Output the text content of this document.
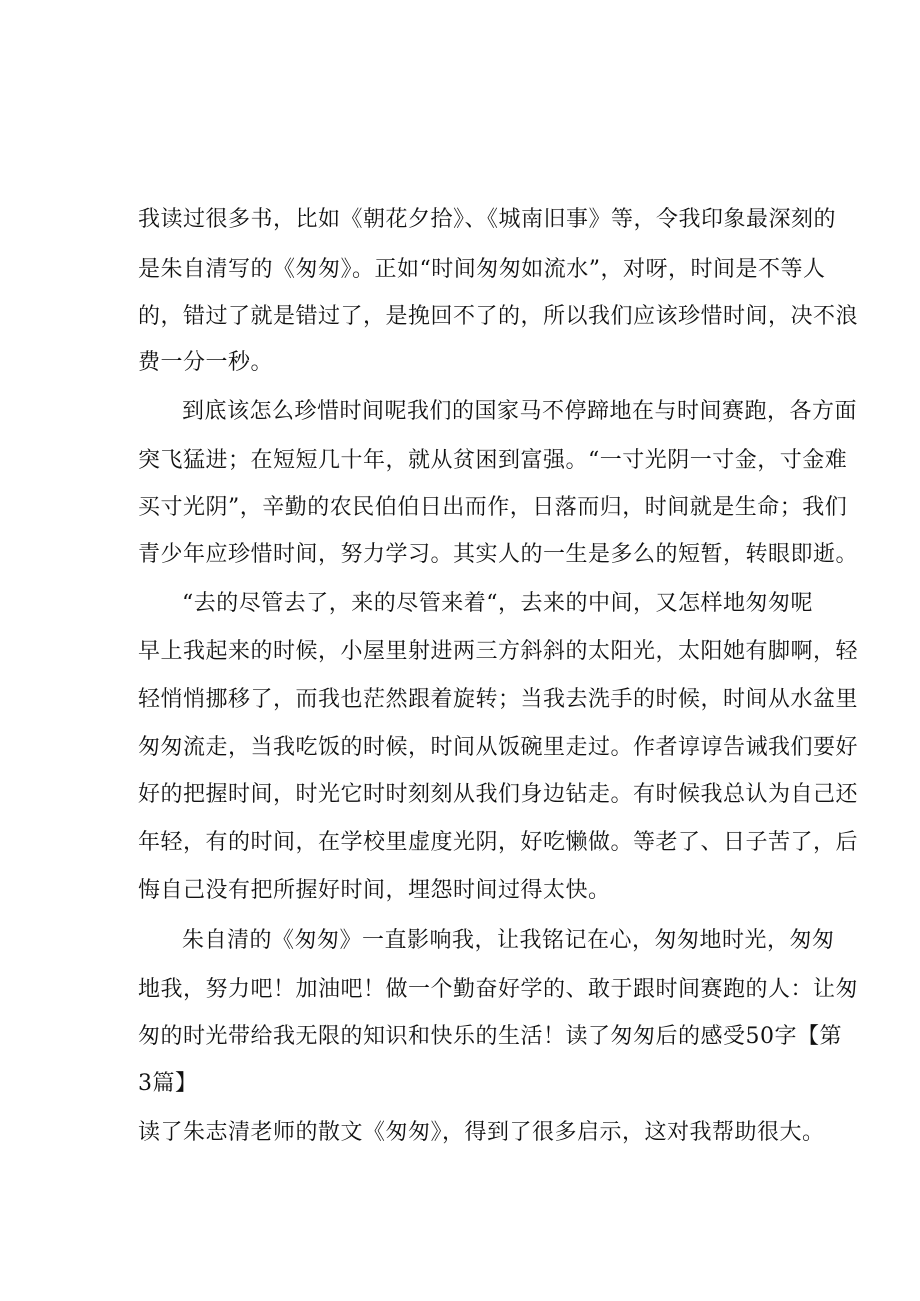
我读过很多书，比如《朝花夕拾》、《城南旧事》等，令我印象最深刻的
是朱自清写的《匆匆》。正如“时间匆匆如流水”，对呀，时间是不等人
的，错过了就是错过了，是挽回不了的，所以我们应该珍惜时间，决不浪
费一分一秒。
到底该怎么珍惜时间呢我们的国家马不停蹄地在与时间赛跑，各方面
突飞猛进；在短短几十年，就从贫困到富强。“一寸光阴一寸金，寸金难
买寸光阴”，辛勤的农民伯伯日出而作，日落而归，时间就是生命；我们
青少年应珍惜时间，努力学习。其实人的一生是多么的短暂，转眼即逝。
“去的尽管去了，来的尽管来着“，去来的中间，又怎样地匆匆呢
早上我起来的时候，小屋里射进两三方斜斜的太阳光，太阳她有脚啊，轻
轻悄悄挪移了，而我也茫然跟着旋转；当我去洗手的时候，时间从水盆里
匆匆流走，当我吃饭的时候，时间从饭碗里走过。作者谆谆告诫我们要好
好的把握时间，时光它时时刻刻从我们身边钻走。有时候我总认为自己还
年轻，有的时间，在学校里虚度光阴，好吃懒做。等老了、日子苦了，后
悔自己没有把所握好时间，埋怨时间过得太快。
朱自清的《匆匆》一直影响我，让我铭记在心，匆匆地时光，匆匆
地我，努力吧！加油吧！做一个勤奋好学的、敢于跟时间赛跑的人：让匆
匆的时光带给我无限的知识和快乐的生活！读了匆匆后的感受50字【第
3篇】
读了朱志清老师的散文《匆匆》，得到了很多启示，这对我帮助很大。
